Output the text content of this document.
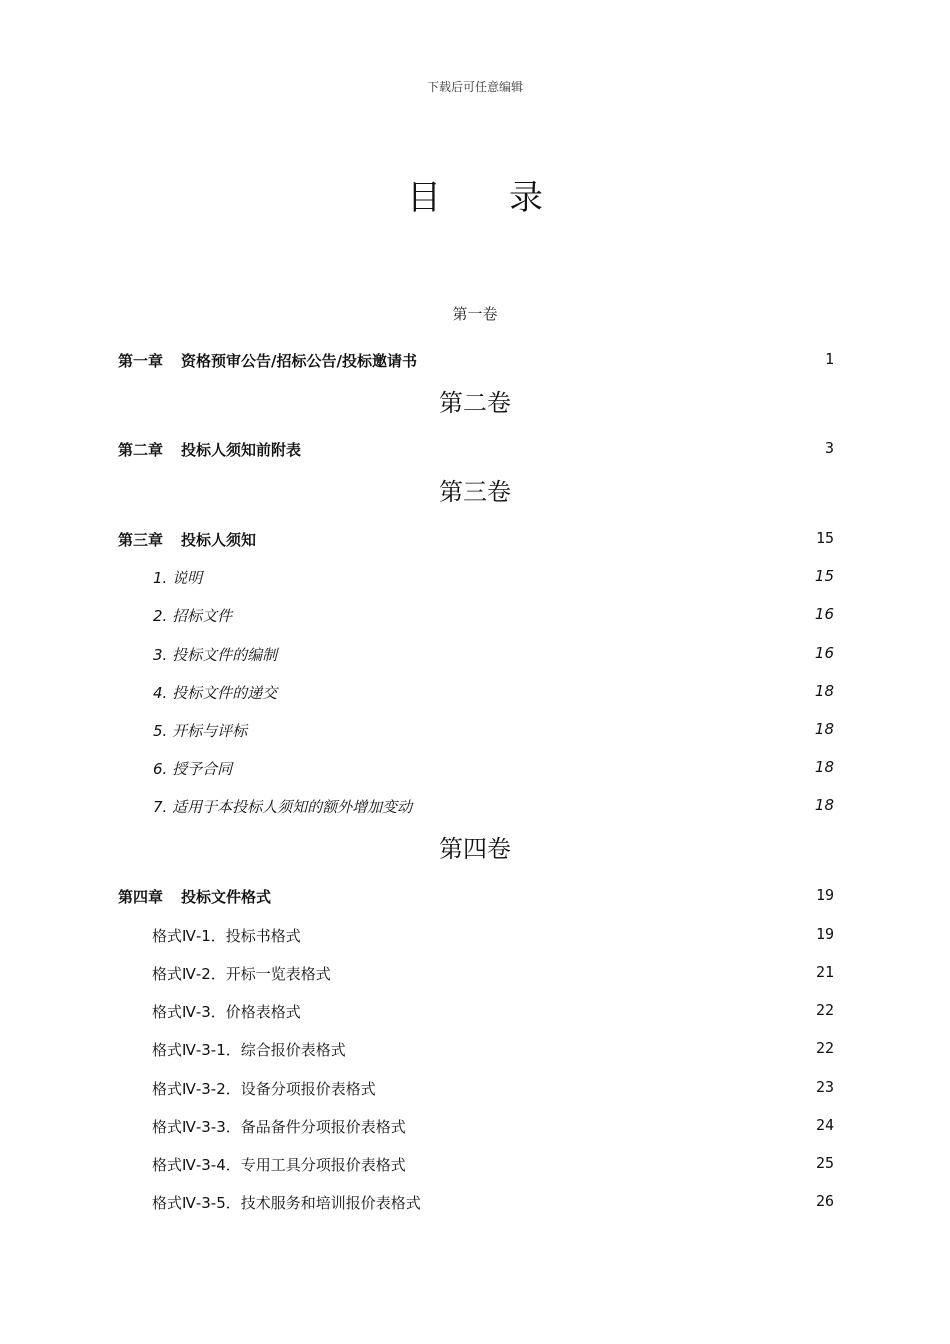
下载后可任意编辑
目录
第一卷
第一章 资格预审公告/招标公告/投标邀请书	1
第二卷
第二章 投标人须知前附表	3
第三卷
第三章 投标人须知	15
1. 说明	15
2. 招标文件	16
3. 投标文件的编制	16
4. 投标文件的递交	18
5. 开标与评标	18
6. 授予合同	18
7. 适用于本投标人须知的额外增加变动	18
第四卷
第四章 投标文件格式	19
格式Ⅳ-1．投标书格式	19
格式Ⅳ-2．开标一览表格式	21
格式Ⅳ-3．价格表格式	22
格式Ⅳ-3-1．综合报价表格式	22
格式Ⅳ-3-2．设备分项报价表格式	23
格式Ⅳ-3-3．备品备件分项报价表格式	24
格式Ⅳ-3-4．专用工具分项报价表格式	25
格式Ⅳ-3-5．技术服务和培训报价表格式	26
